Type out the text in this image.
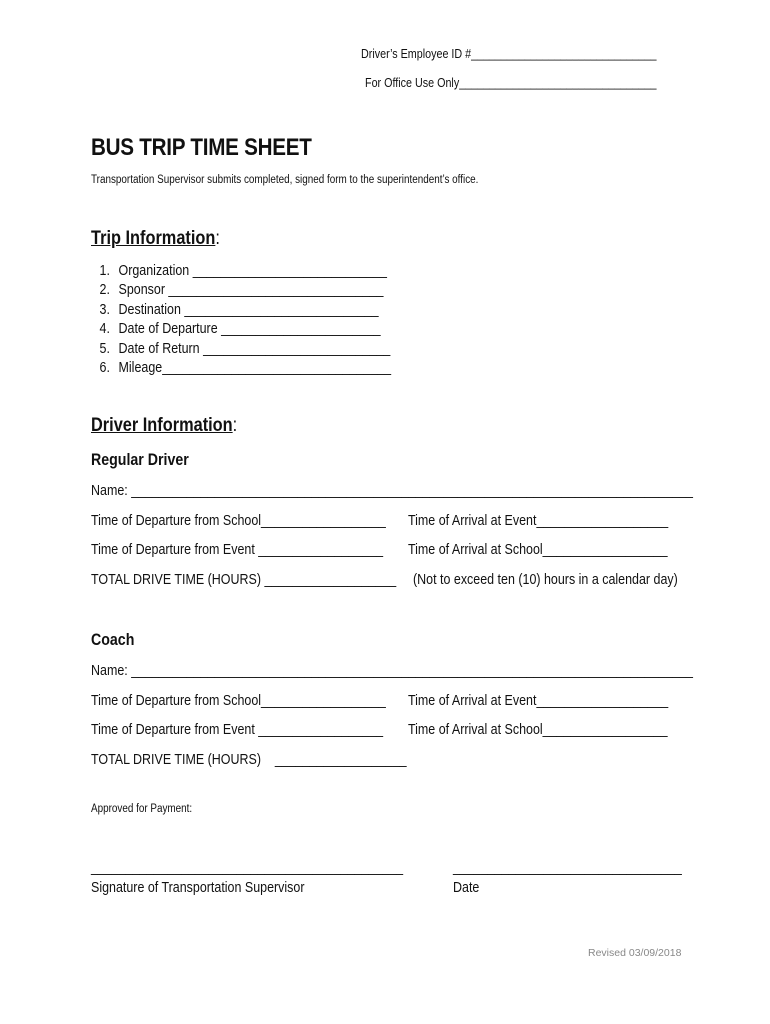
Driver’s Employee ID #_______________________________
For Office Use Only_________________________________
BUS TRIP TIME SHEET
Transportation Supervisor submits completed, signed form to the superintendent’s office.
Trip Information:
1. Organization ____________________________
2. Sponsor _______________________________
3. Destination ____________________________
4. Date of Departure _______________________
5. Date of Return ___________________________
6. Mileage_________________________________
Driver Information:
Regular Driver
Name: _________________________________________________________________________________
Time of Departure from School__________________	Time of Arrival at Event___________________
Time of Departure from Event __________________	Time of Arrival at School__________________
TOTAL DRIVE TIME (HOURS) ___________________	(Not to exceed ten (10) hours in a calendar day)
Coach
Name: _________________________________________________________________________________
Time of Departure from School__________________	Time of Arrival at Event___________________
Time of Departure from Event __________________	Time of Arrival at School__________________
TOTAL DRIVE TIME (HOURS)    ___________________
Approved for Payment:
_____________________________________________
Signature of Transportation Supervisor
_________________________________
Date
Revised 03/09/2018
